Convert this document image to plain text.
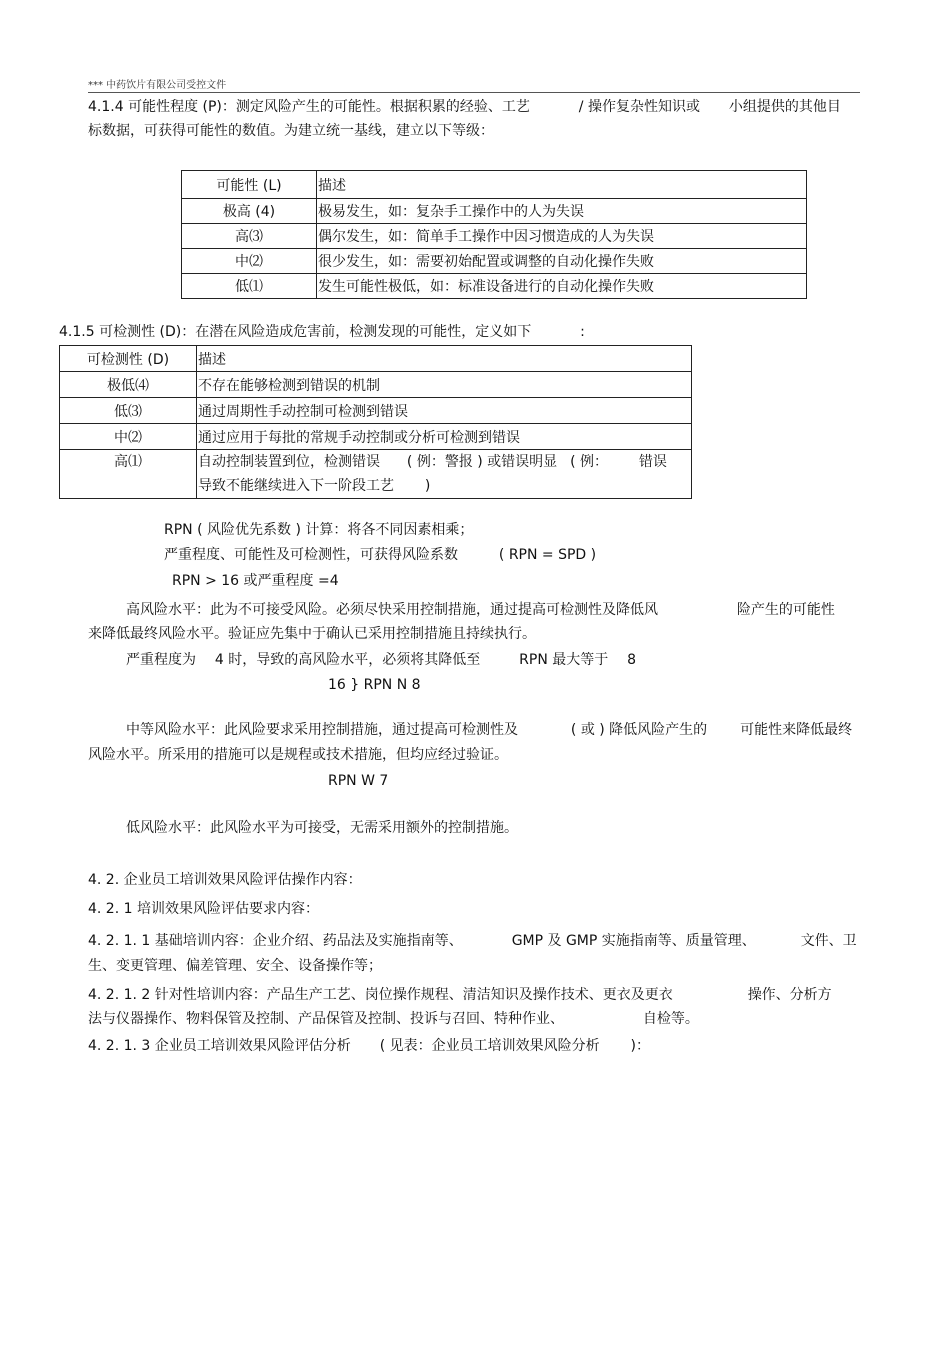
*** 中药饮片有限公司受控文件
4.1.4 可能性程度 (P)：测定风险产生的可能性。根据积累的经验、工艺	/ 操作复杂性知识或 小组提供的其他目
标数据，可获得可能性的数值。为建立统一基线，建立以下等级：
可能性 (L)	描述
极高 (4)	极易发生，如：复杂手工操作中的人为失误
高⑶	偶尔发生，如：简单手工操作中因习惯造成的人为失误
中⑵	很少发生，如：需要初始配置或调整的自动化操作失败
低⑴	发生可能性极低，如：标准设备进行的自动化操作失败
4.1.5 可检测性 (D)：在潜在风险造成危害前，检测发现的可能性，定义如下	:
可检测性 (D)	描述
极低⑷	不存在能够检测到错误的机制
低⑶	通过周期性手动控制可检测到错误
中⑵	通过应用于每批的常规手动控制或分析可检测到错误
高⑴	自动控制装置到位，检测错误 ( 例：警报 ) 或错误明显 ( 例： 错误
导致不能继续进入下一阶段工艺 )
RPN ( 风险优先系数 ) 计算：将各不同因素相乘；
严重程度、可能性及可检测性，可获得风险系数	( RPN = SPD )
RPN > 16 或严重程度 =4
高风险水平：此为不可接受风险。必须尽快采用控制措施，通过提高可检测性及降低风	险产生的可能性
来降低最终风险水平。验证应先集中于确认已采用控制措施且持续执行。
严重程度为 4 时，导致的高风险水平，必须将其降低至	RPN 最大等于 8
16 } RPN N 8
中等风险水平：此风险要求采用控制措施，通过提高可检测性及	( 或 ) 降低风险产生的 可能性来降低最终
风险水平。所采用的措施可以是规程或技术措施，但均应经过验证。
RPN W 7
低风险水平：此风险水平为可接受，无需采用额外的控制措施。
4. 2. 企业员工培训效果风险评估操作内容：
4. 2. 1 培训效果风险评估要求内容：
4. 2. 1. 1 基础培训内容：企业介绍、药品法及实施指南等、	GMP 及 GMP 实施指南等、质量管理、	文件、卫
生、变更管理、偏差管理、安全、设备操作等；
4. 2. 1. 2 针对性培训内容：产品生产工艺、岗位操作规程、清洁知识及操作技术、更衣及更衣	操作、分析方
法与仪器操作、物料保管及控制、产品保管及控制、投诉与召回、特种作业、	自检等。
4. 2. 1. 3 企业员工培训效果风险评估分析 ( 见表：企业员工培训效果风险分析 )：
